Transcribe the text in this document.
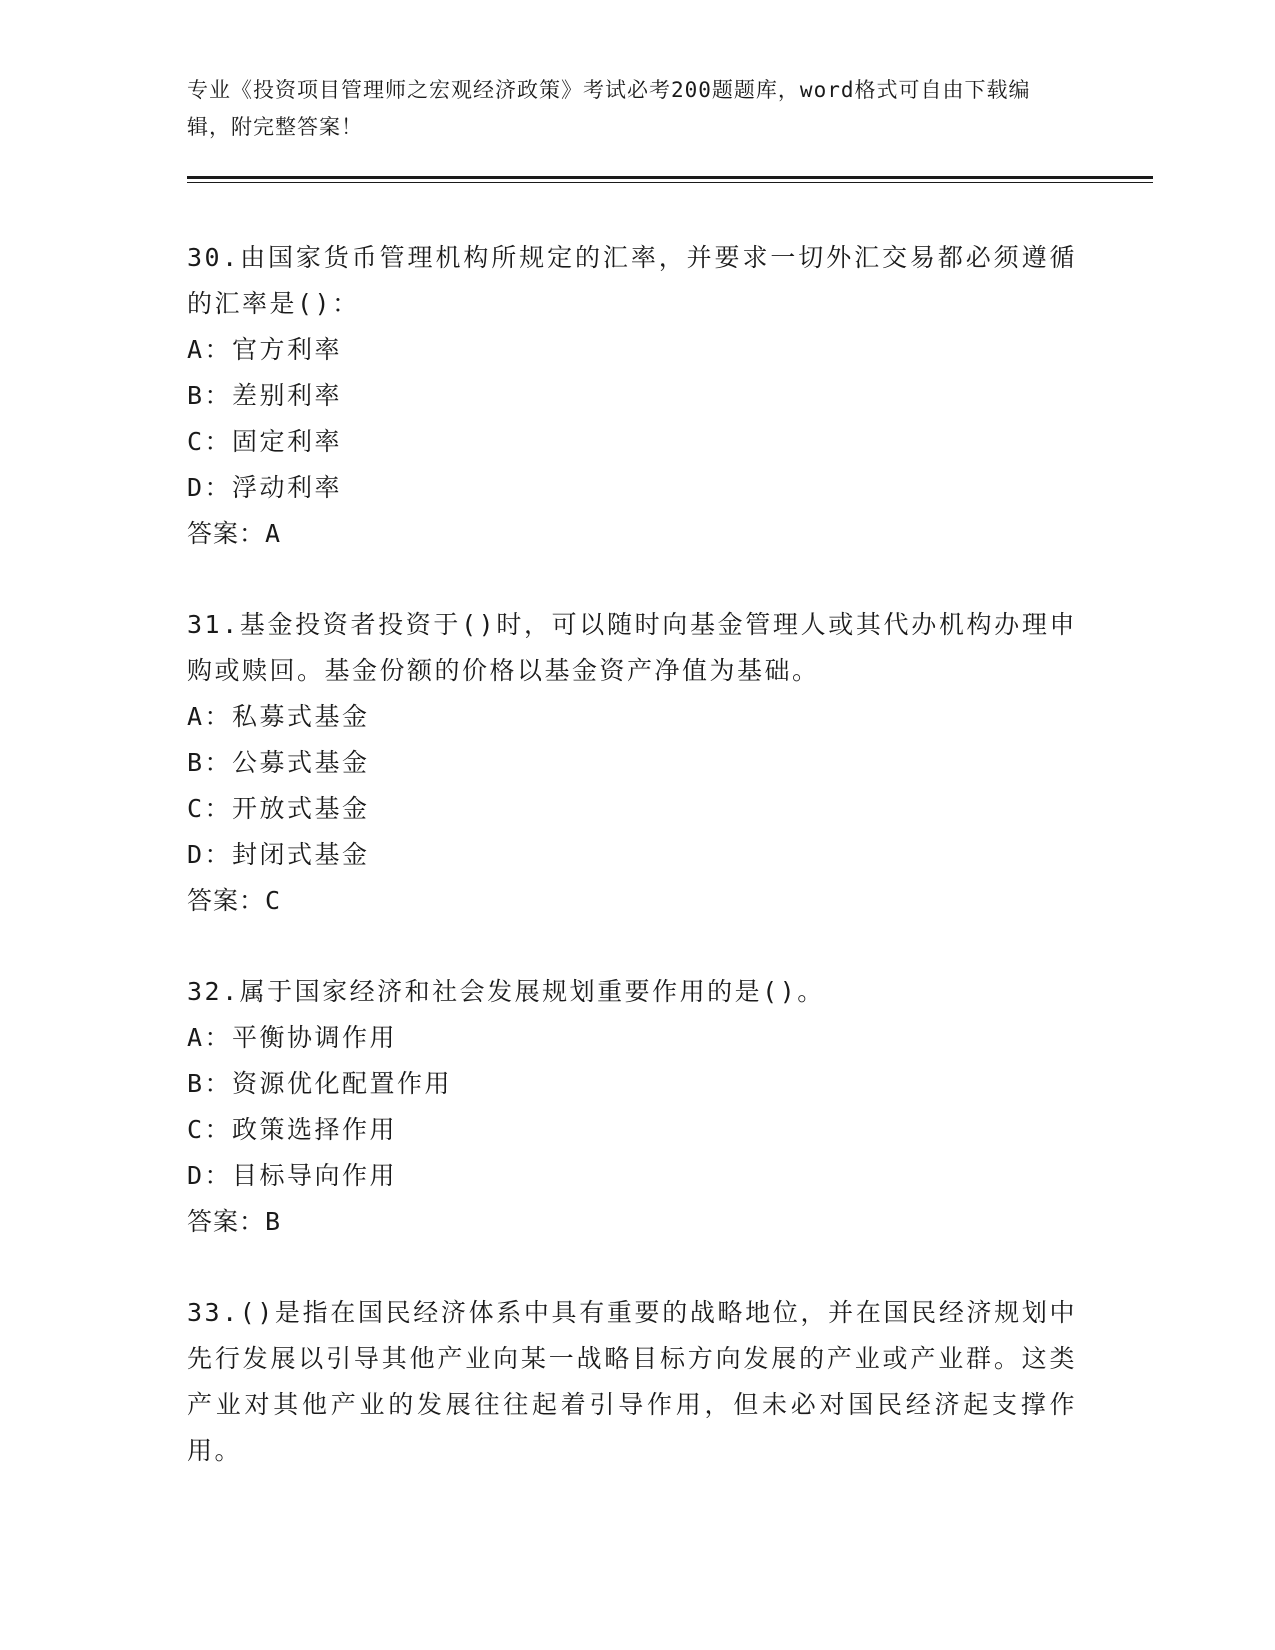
专业《投资项目管理师之宏观经济政策》考试必考200题题库，word格式可自由下载编辑，附完整答案！
30.由国家货币管理机构所规定的汇率，并要求一切外汇交易都必须遵循的汇率是()：
A：官方利率
B：差别利率
C：固定利率
D：浮动利率
答案：A
31.基金投资者投资于()时，可以随时向基金管理人或其代办机构办理申购或赎回。基金份额的价格以基金资产净值为基础。
A：私募式基金
B：公募式基金
C：开放式基金
D：封闭式基金
答案：C
32.属于国家经济和社会发展规划重要作用的是()。
A：平衡协调作用
B：资源优化配置作用
C：政策选择作用
D：目标导向作用
答案：B
33.()是指在国民经济体系中具有重要的战略地位，并在国民经济规划中先行发展以引导其他产业向某一战略目标方向发展的产业或产业群。这类产业对其他产业的发展往往起着引导作用，但未必对国民经济起支撑作用。
